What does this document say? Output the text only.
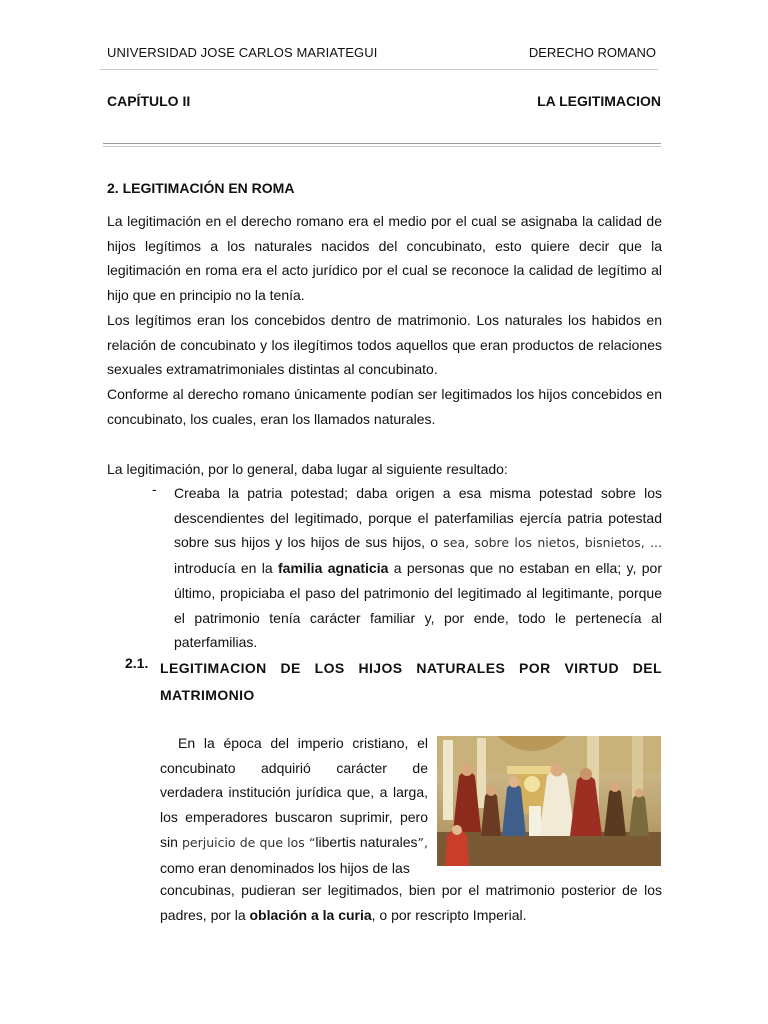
UNIVERSIDAD JOSE CARLOS MARIATEGUI	DERECHO ROMANO
CAPÍTULO II	LA LEGITIMACION
2. LEGITIMACIÓN EN ROMA

La legitimación en el derecho romano era el medio por el cual se asignaba la calidad de hijos legítimos a los naturales nacidos del concubinato, esto quiere decir que la legitimación en roma era el acto jurídico por el cual se reconoce la calidad de legítimo al hijo que en principio no la tenía.

Los legítimos eran los concebidos dentro de matrimonio. Los naturales los habidos en relación de concubinato y los ilegítimos todos aquellos que eran productos de relaciones sexuales extramatrimoniales distintas al concubinato.

Conforme al derecho romano únicamente podían ser legitimados los hijos concebidos en concubinato, los cuales, eran los llamados naturales.

La legitimación, por lo general, daba lugar al siguiente resultado:
- Creaba la patria potestad; daba origen a esa misma potestad sobre los descendientes del legitimado, porque el paterfamilias ejercía patria potestad sobre sus hijos y los hijos de sus hijos, o sea, sobre los nietos, bisnietos, ... introducía en la familia agnaticia a personas que no estaban en ella; y, por último, propiciaba el paso del patrimonio del legitimado al legitimante, porque el patrimonio tenía carácter familiar y, por ende, todo le pertenecía al paterfamilias.
2.1. LEGITIMACION DE LOS HIJOS NATURALES POR VIRTUD DEL MATRIMONIO
En la época del imperio cristiano, el concubinato adquirió carácter de verdadera institución jurídica que, a larga, los emperadores buscaron suprimir, pero sin perjuicio de que los “libertis naturales”, como eran denominados los hijos de las
concubinas, pudieran ser legitimados, bien por el matrimonio posterior de los padres, por la oblación a la curia, o por rescripto Imperial.
